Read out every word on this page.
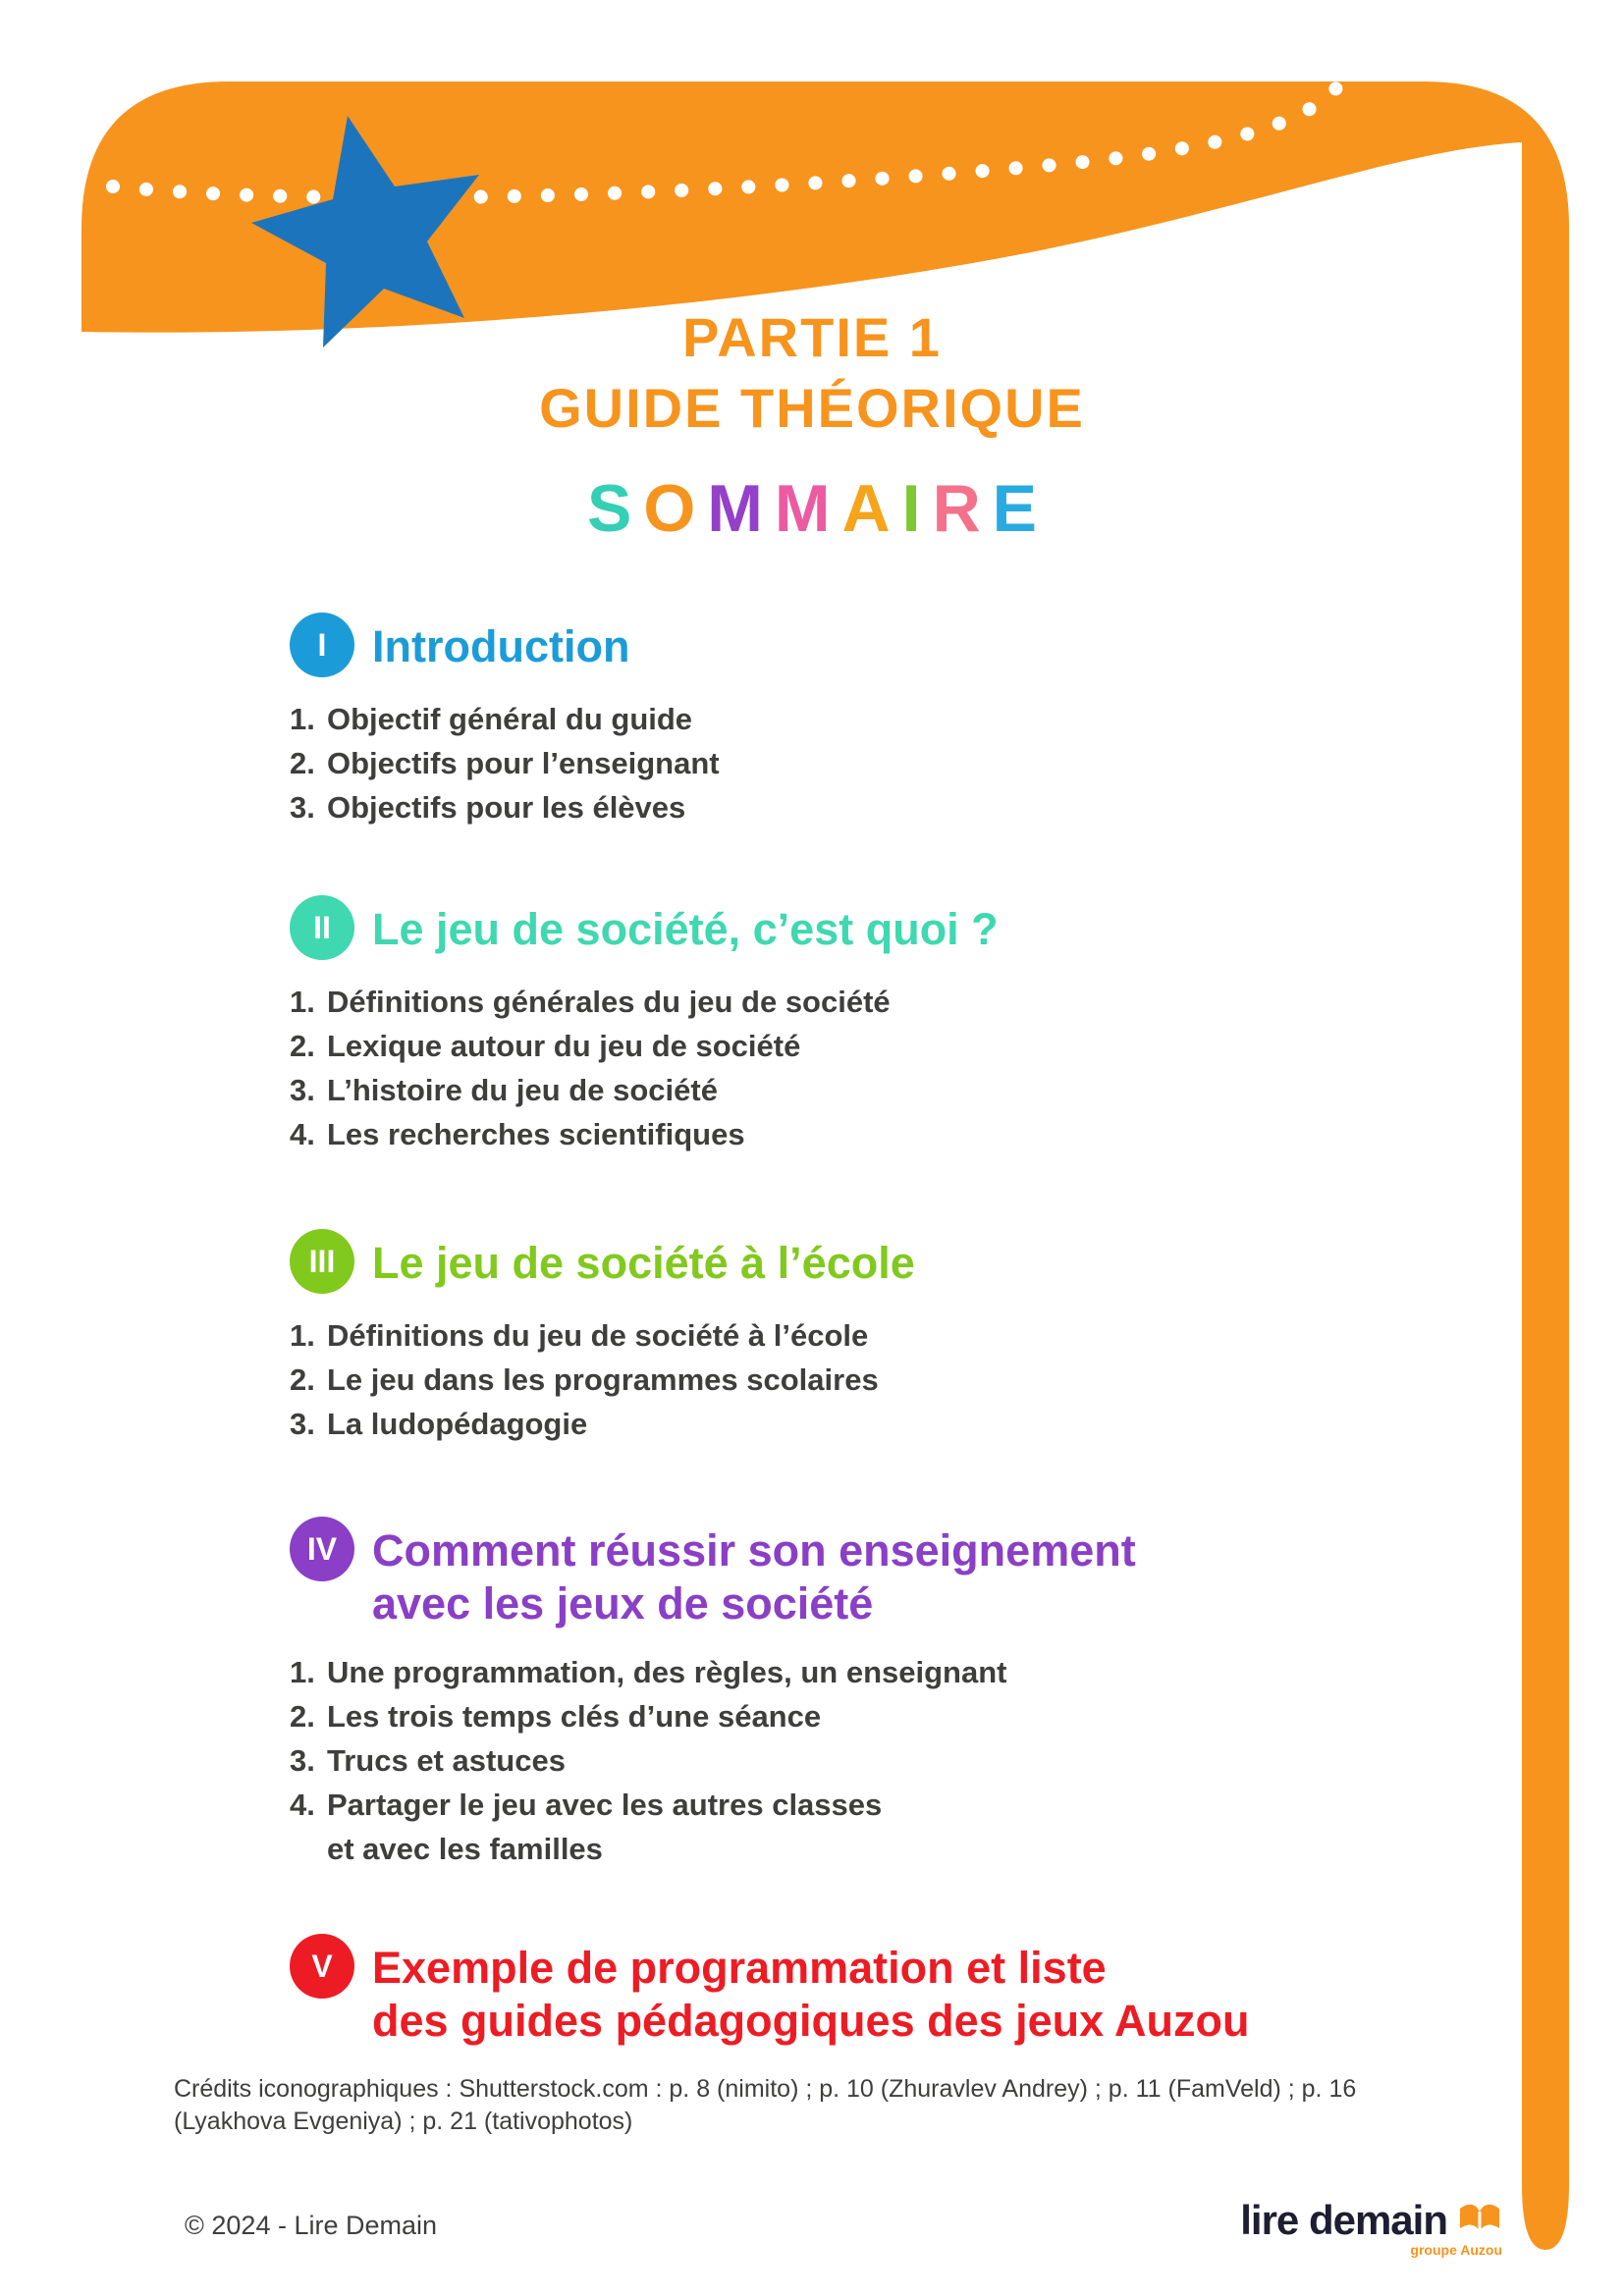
PARTIE 1
GUIDE THÉORIQUE
SOMMAIRE
I	Introduction
1. Objectif général du guide
2. Objectifs pour l’enseignant
3. Objectifs pour les élèves
II Le jeu de société, c’est quoi ?
1. Définitions générales du jeu de société
2. Lexique autour du jeu de société
3. L’histoire du jeu de société
4. Les recherches scientifiques
III Le jeu de société à l’école
1. Définitions du jeu de société à l’école
2. Le jeu dans les programmes scolaires
3. La ludopédagogie
IV Comment réussir son enseignement
avec les jeux de société
1. Une programmation, des règles, un enseignant
2. Les trois temps clés d’une séance
3. Trucs et astuces
4. Partager le jeu avec les autres classes
et avec les familles
V Exemple de programmation et liste
des guides pédagogiques des jeux Auzou
Crédits iconographiques : Shutterstock.com : p. 8 (nimito) ; p. 10 (Zhuravlev Andrey) ; p. 11 (FamVeld) ; p. 16 (Lyakhova Evgeniya) ; p. 21 (tativophotos)
© 2024 - Lire Demain	lire demain
groupe Auzou
